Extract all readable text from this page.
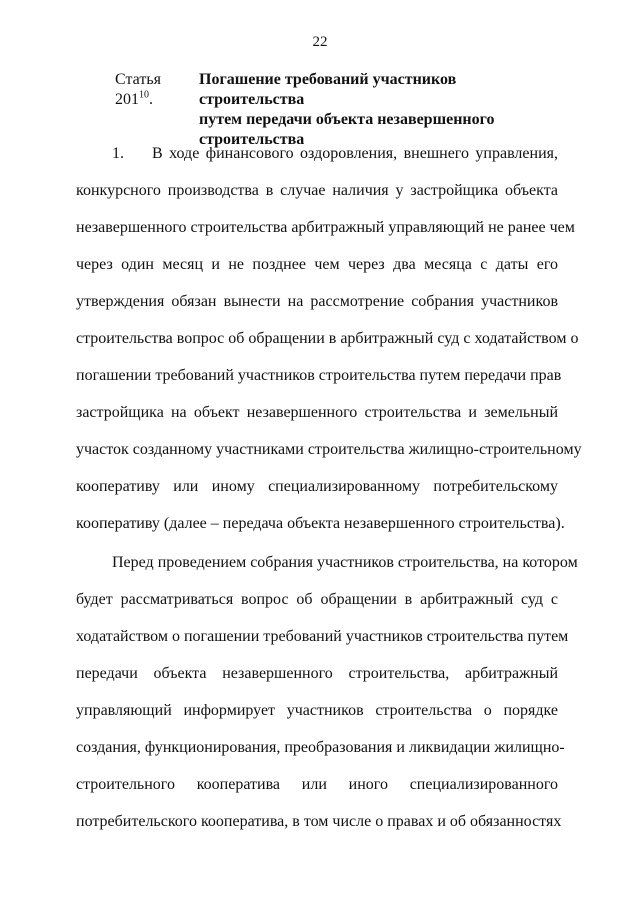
22
Статья $201^{10}$.
Погашение требований участников строительства
путем передачи объекта незавершенного
строительства
1.	В ходе финансового оздоровления, внешнего управления,
конкурсного производства в случае наличия у застройщика объекта
незавершенного строительства арбитражный управляющий не ранее чем
через один месяц и не позднее чем через два месяца с даты его
утверждения обязан вынести на рассмотрение собрания участников
строительства вопрос об обращении в арбитражный суд с ходатайством о
погашении требований участников строительства путем передачи прав
застройщика на объект незавершенного строительства и земельный
участок созданному участниками строительства жилищно-строительному
кооперативу или иному специализированному потребительскому
кооперативу (далее – передача объекта незавершенного строительства).
Перед проведением собрания участников строительства, на котором
будет рассматриваться вопрос об обращении в арбитражный суд с
ходатайством о погашении требований участников строительства путем
передачи объекта незавершенного строительства, арбитражный
управляющий информирует участников строительства о порядке
создания, функционирования, преобразования и ликвидации жилищно-
строительного кооператива или иного специализированного
потребительского кооператива, в том числе о правах и об обязанностях
